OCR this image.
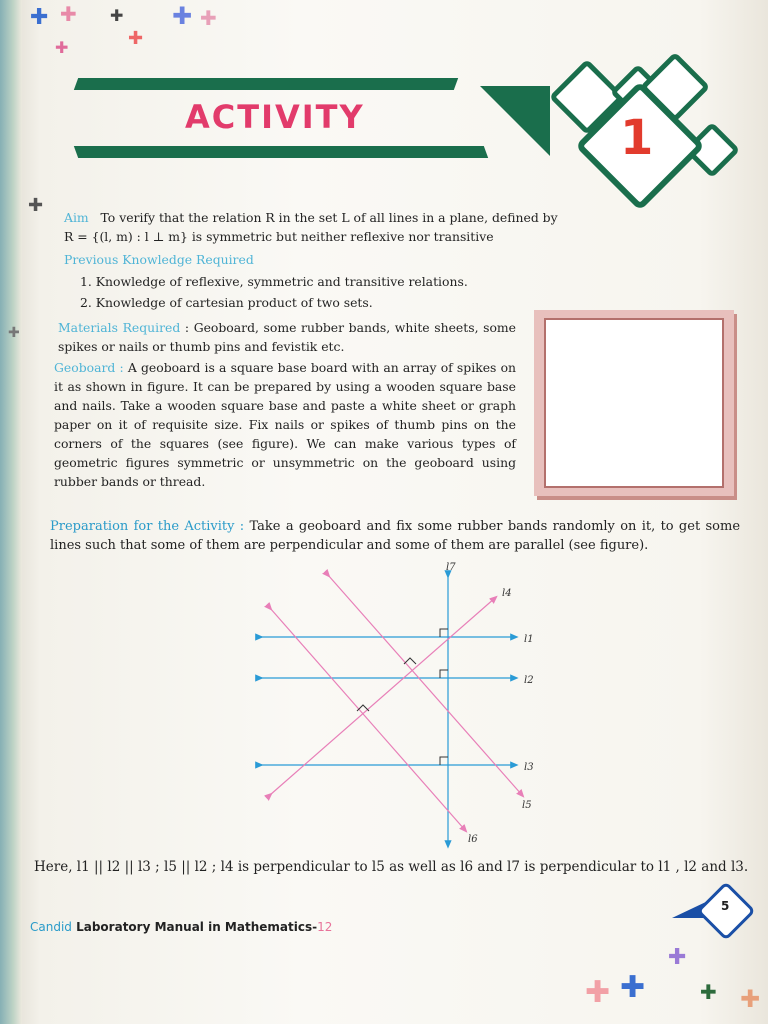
✚ ✚ ✚
✚
✚ ✚
✚
✚
✚
✚
✚ ✚	✚ ✚
ACTIVITY	1
Aim To verify that the relation R in the set L of all lines in a plane, defined by
R = {(l, m) : l ⊥ m} is symmetric but neither reflexive nor transitive
Previous Knowledge Required
1. Knowledge of reflexive, symmetric and transitive relations.
2. Knowledge of cartesian product of two sets.
Materials Required : Geoboard, some rubber bands, white sheets, some spikes or nails or thumb pins and fevistik etc.
Geoboard : A geoboard is a square base board with an array of spikes on it as shown in figure. It can be prepared by using a wooden square base and nails. Take a wooden square base and paste a white sheet or graph paper on it of requisite size. Fix nails or spikes of thumb pins on the corners of the squares (see figure). We can make various types of geometric figures symmetric or unsymmetric on the geoboard using rubber bands or thread.
Preparation for the Activity : Take a geoboard and fix some rubber bands randomly on it, to get some lines such that some of them are perpendicular and some of them are parallel (see figure).
l1
l2
l3
l4
l5
l6
l7
Here, l1 || l2 || l3 ; l5 || l2 ; l4 is perpendicular to l5 as well as l6 and l7 is perpendicular to l1 , l2 and l3.
Candid Laboratory Manual in Mathematics-12
5
